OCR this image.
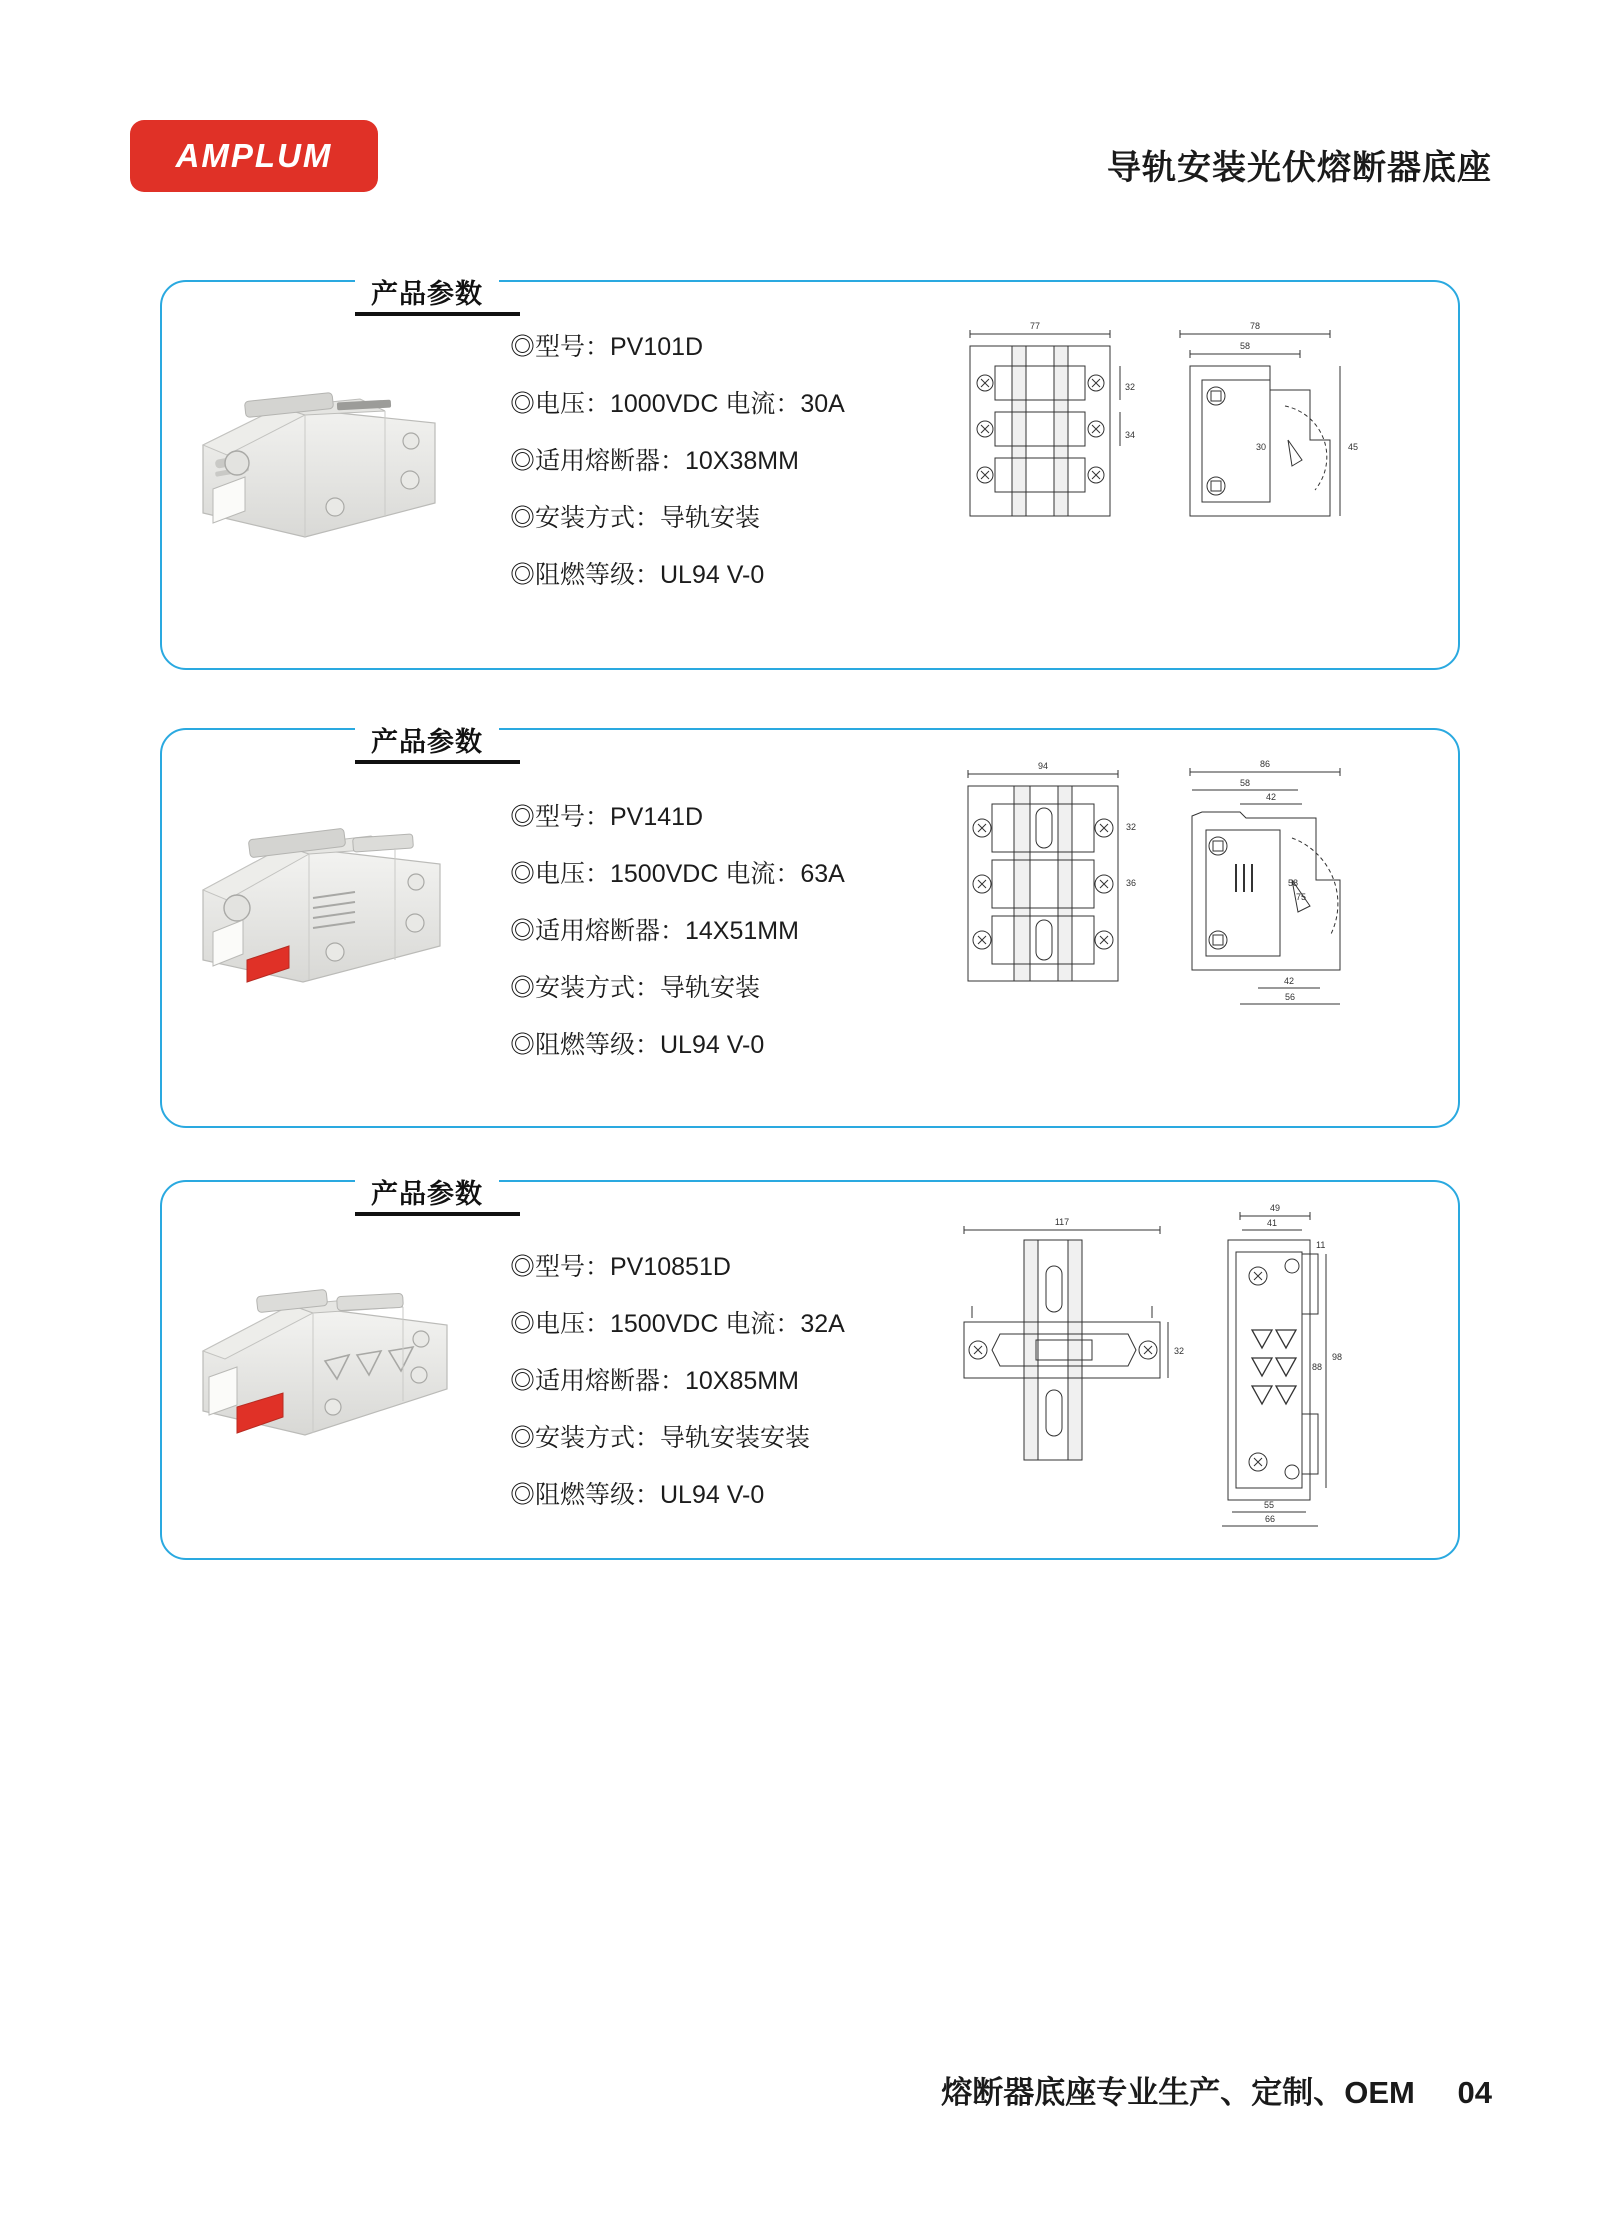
AMPLUM	导轨安装光伏熔断器底座
产品参数
◎型号：PV101D
◎电压：1000VDC 电流：30A
◎适用熔断器：10X38MM
◎安装方式：导轨安装
◎阻燃等级：UL94 V-0
77	78
58
45
30
32
34
产品参数
◎型号：PV141D
◎电压：1500VDC 电流：63A
◎适用熔断器：14X51MM
◎安装方式：导轨安装
◎阻燃等级：UL94 V-0
94
32
36
86
58
42
58
75
42
56
产品参数
◎型号：PV10851D
◎电压：1500VDC 电流：32A
◎适用熔断器：10X85MM
◎安装方式：导轨安装安装
◎阻燃等级：UL94 V-0
117
32
49
41
11
98
88
55
66
熔断器底座专业生产、定制、OEM 04
